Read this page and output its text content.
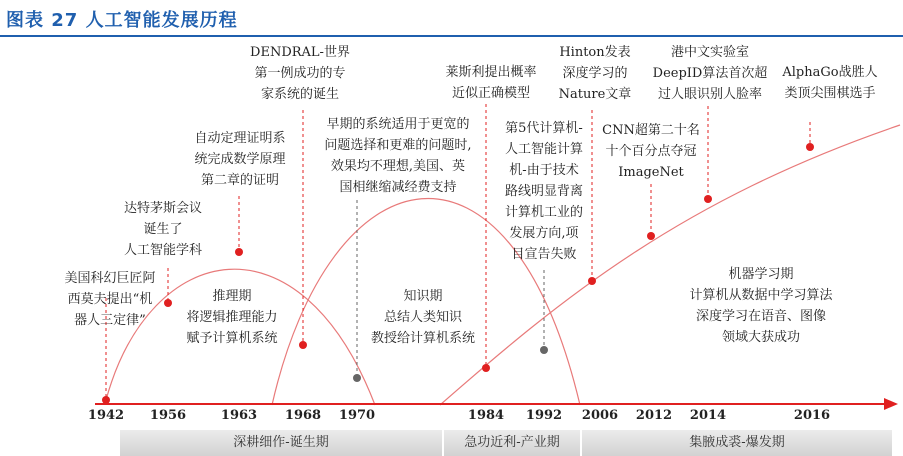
图表 27 人工智能发展历程
美国科幻巨匠阿
西莫夫提出“机
器人三定律”
达特茅斯会议
诞生了
人工智能学科
自动定理证明系
统完成数学原理
第二章的证明
DENDRAL-世界
第一例成功的专
家系统的诞生
早期的系统适用于更宽的
问题选择和更难的问题时,
效果均不理想,美国、英
国相继缩减经费支持
莱斯利提出概率
近似正确模型
第5代计算机-
人工智能计算
机-由于技术
路线明显背离
计算机工业的
发展方向,项
目宣告失败
Hinton发表
深度学习的
Nature文章
CNN超第二十名
十个百分点夺冠
ImageNet
港中文实验室
DeepID算法首次超
过人眼识别人脸率
AlphaGo战胜人
类顶尖围棋选手
推理期
将逻辑推理能力
赋予计算机系统
知识期
总结人类知识
教授给计算机系统
机器学习期
计算机从数据中学习算法
深度学习在语音、图像
领域大获成功
1942 1956	1963 1968 1970	1984 1992 2006 2012 2014	2016
深耕细作-诞生期	急功近利-产业期	集腋成裘-爆发期
